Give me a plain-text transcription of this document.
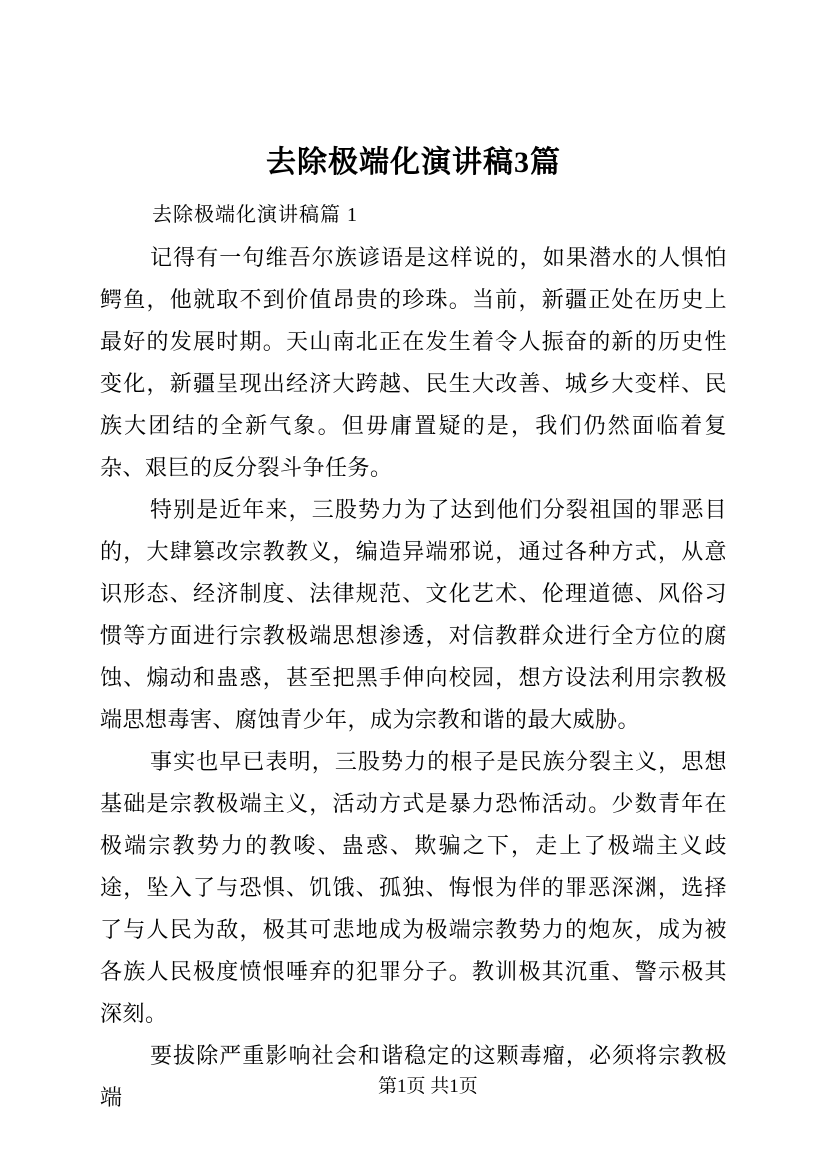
去除极端化演讲稿3篇
去除极端化演讲稿篇 1

记得有一句维吾尔族谚语是这样说的，如果潜水的人惧怕鳄鱼，他就取不到价值昂贵的珍珠。当前，新疆正处在历史上最好的发展时期。天山南北正在发生着令人振奋的新的历史性变化，新疆呈现出经济大跨越、民生大改善、城乡大变样、民族大团结的全新气象。但毋庸置疑的是，我们仍然面临着复杂、艰巨的反分裂斗争任务。

特别是近年来，三股势力为了达到他们分裂祖国的罪恶目的，大肆篡改宗教教义，编造异端邪说，通过各种方式，从意识形态、经济制度、法律规范、文化艺术、伦理道德、风俗习惯等方面进行宗教极端思想渗透，对信教群众进行全方位的腐蚀、煽动和蛊惑，甚至把黑手伸向校园，想方设法利用宗教极端思想毒害、腐蚀青少年，成为宗教和谐的最大威胁。

事实也早已表明，三股势力的根子是民族分裂主义，思想基础是宗教极端主义，活动方式是暴力恐怖活动。少数青年在极端宗教势力的教唆、蛊惑、欺骗之下，走上了极端主义歧途，坠入了与恐惧、饥饿、孤独、悔恨为伴的罪恶深渊，选择了与人民为敌，极其可悲地成为极端宗教势力的炮灰，成为被各族人民极度愤恨唾弃的犯罪分子。教训极其沉重、警示极其深刻。

要拔除严重影响社会和谐稳定的这颗毒瘤，必须将宗教极端	第1页 共1页
